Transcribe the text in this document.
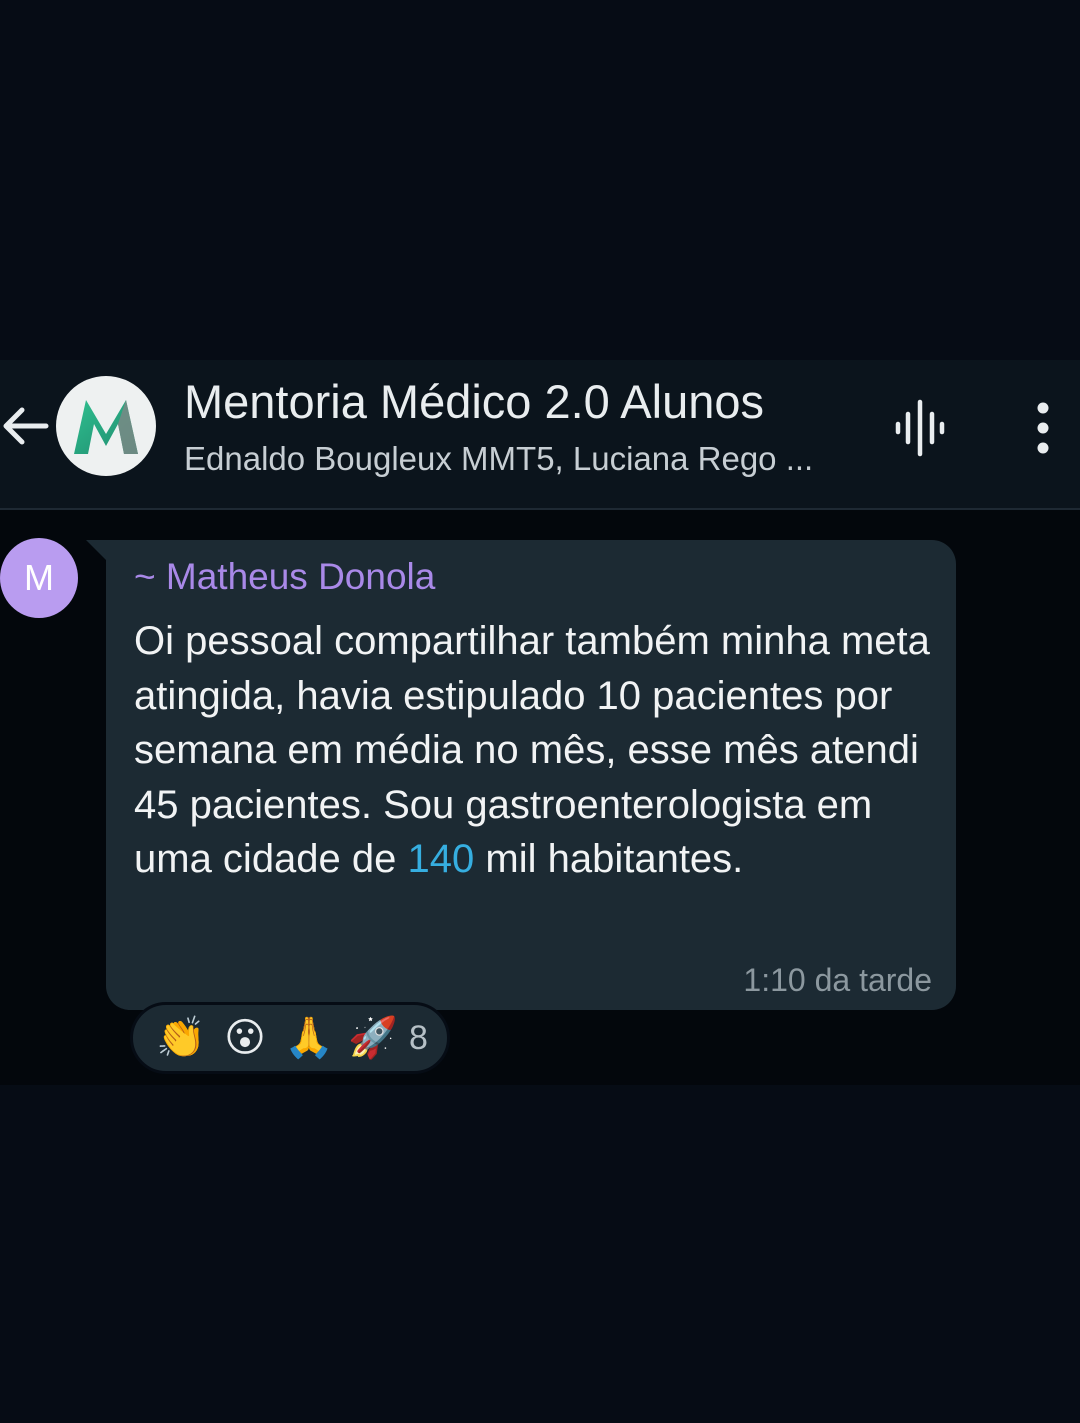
Mentoria Médico 2.0 Alunos
Ednaldo Bougleux MMT5, Luciana Rego ...
M	~ Matheus Donola
Oi pessoal compartilhar também minha meta atingida, havia estipulado 10 pacientes por semana em média no mês, esse mês atendi 45 pacientes. Sou gastroenterologista em uma cidade de 140 mil habitantes.
1:10 da tarde
👏 😮 🙏 🚀 8
